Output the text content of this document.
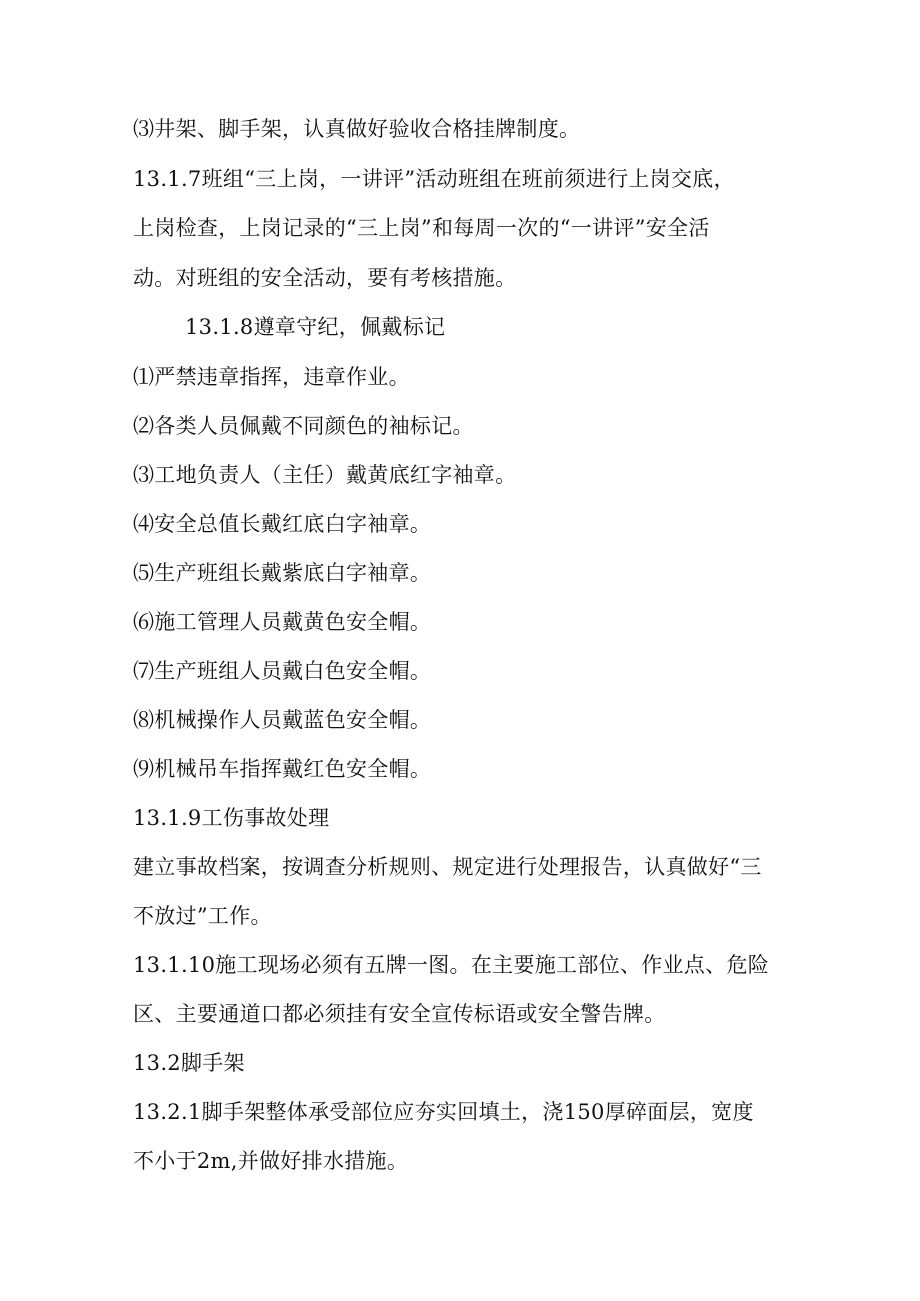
⑶井架、脚手架，认真做好验收合格挂牌制度。
13.1.7班组“三上岗，一讲评”活动班组在班前须进行上岗交底，
上岗检查，上岗记录的“三上岗”和每周一次的“一讲评”安全活
动。对班组的安全活动，要有考核措施。
13.1.8遵章守纪，佩戴标记
⑴严禁违章指挥，违章作业。
⑵各类人员佩戴不同颜色的袖标记。
⑶工地负责人（主任）戴黄底红字袖章。
⑷安全总值长戴红底白字袖章。
⑸生产班组长戴紫底白字袖章。
⑹施工管理人员戴黄色安全帽。
⑺生产班组人员戴白色安全帽。
⑻机械操作人员戴蓝色安全帽。
⑼机械吊车指挥戴红色安全帽。
13.1.9工伤事故处理
建立事故档案，按调查分析规则、规定进行处理报告，认真做好“三
不放过”工作。
13.1.10施工现场必须有五牌一图。在主要施工部位、作业点、危险
区、主要通道口都必须挂有安全宣传标语或安全警告牌。
13.2脚手架
13.2.1脚手架整体承受部位应夯实回填土，浇150厚碎面层，宽度
不小于2m,并做好排水措施。
